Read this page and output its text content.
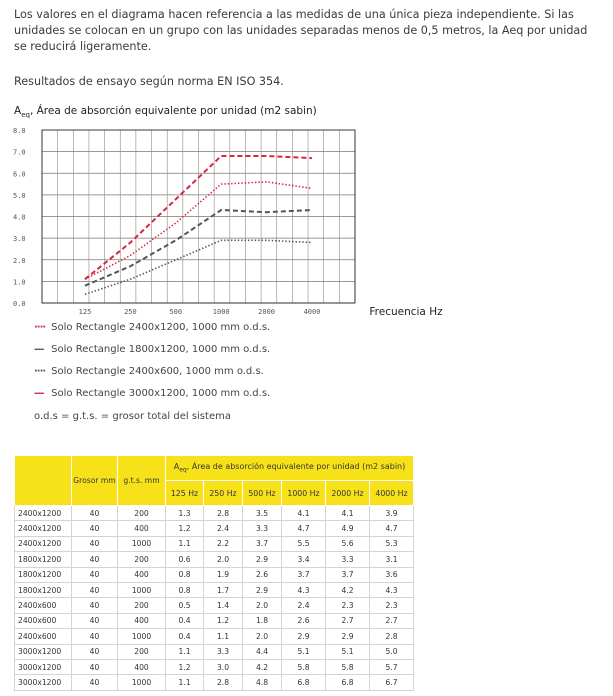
Los valores en el diagrama hacen referencia a las medidas de una única pieza independiente. Si las unidades se colocan en un grupo con las unidades separadas menos de 0,5 metros, la Aeq por unidad se reducirá ligeramente.

Resultados de ensayo según norma EN ISO 354.

$A_{eq}$, Área de absorción equivalente por unidad (m2 sabin)

0.0
1.0
2.0
3.0
4.0
5.0
6.0
7.0
8.0
125	250	500	1000	2000	4000	Frecuencia Hz
···· Solo Rectangle 2400x1200, 1000 mm o.d.s.
--- Solo Rectangle 1800x1200, 1000 mm o.d.s.
···· Solo Rectangle 2400x600, 1000 mm o.d.s.
--- Solo Rectangle 3000x1200, 1000 mm o.d.s.
o.d.s = g.t.s. = grosor total del sistema
	Grosor mm	g.t.s. mm	$A_{eq}$, Área de absorción equivalente por unidad (m2 sabin)					
			125 Hz	250 Hz	500 Hz	1000 Hz	2000 Hz	4000 Hz
2400x1200	40	200	1.3	2.8	3.5	4.1	4.1	3.9
2400x1200	40	400	1.2	2.4	3.3	4.7	4.9	4.7
2400x1200	40	1000	1.1	2.2	3.7	5.5	5.6	5.3
1800x1200	40	200	0.6	2.0	2.9	3.4	3.3	3.1
1800x1200	40	400	0.8	1.9	2.6	3.7	3.7	3.6
1800x1200	40	1000	0.8	1.7	2.9	4.3	4.2	4.3
2400x600	40	200	0.5	1.4	2.0	2.4	2.3	2.3
2400x600	40	400	0.4	1.2	1.8	2.6	2.7	2.7
2400x600	40	1000	0.4	1.1	2.0	2.9	2.9	2.8
3000x1200	40	200	1.1	3.3	4.4	5.1	5.1	5.0
3000x1200	40	400	1.2	3.0	4.2	5.8	5.8	5.7
3000x1200	40	1000	1.1	2.8	4.8	6.8	6.8	6.7
